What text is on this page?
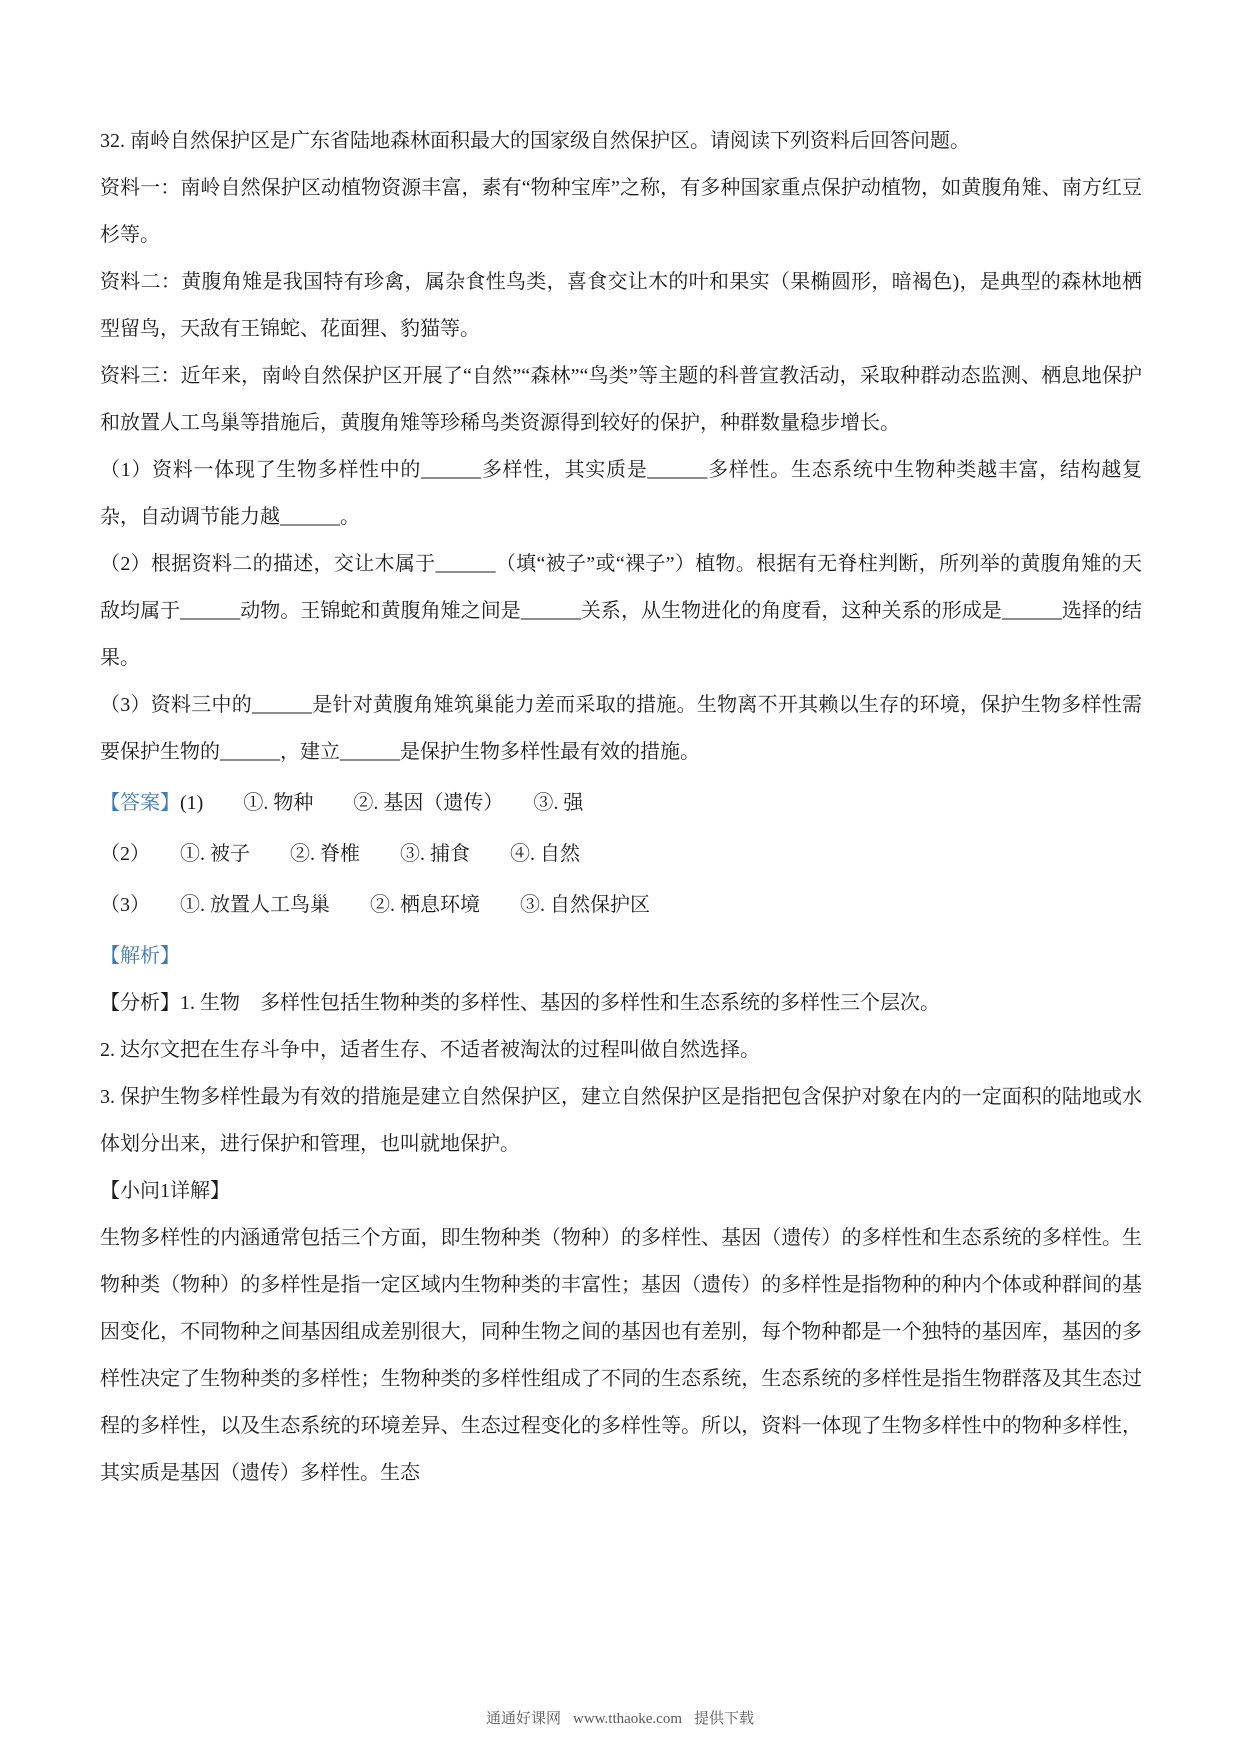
32. 南岭自然保护区是广东省陆地森林面积最大的国家级自然保护区。请阅读下列资料后回答问题。

资料一：南岭自然保护区动植物资源丰富，素有“物种宝库”之称，有多种国家重点保护动植物，如黄腹角雉、南方红豆杉等。

资料二：黄腹角雉是我国特有珍禽，属杂食性鸟类，喜食交让木的叶和果实（果椭圆形，暗褐色)，是典型的森林地栖型留鸟，天敌有王锦蛇、花面狸、豹猫等。

资料三：近年来，南岭自然保护区开展了“自然”“森林”“鸟类”等主题的科普宣教活动，采取种群动态监测、栖息地保护和放置人工鸟巢等措施后，黄腹角雉等珍稀鸟类资源得到较好的保护，种群数量稳步增长。

（1）资料一体现了生物多样性中的______多样性，其实质是______多样性。生态系统中生物种类越丰富，结构越复杂，自动调节能力越______。

（2）根据资料二的描述，交让木属于______（填“被子”或“裸子”）植物。根据有无脊柱判断，所列举的黄腹角雉的天敌均属于______动物。王锦蛇和黄腹角雉之间是______关系，从生物进化的角度看，这种关系的形成是______选择的结果。

（3）资料三中的______是针对黄腹角雉筑巢能力差而采取的措施。生物离不开其赖以生存的环境，保护生物多样性需要保护生物的______，建立______是保护生物多样性最有效的措施。

【答案】(1)　　①. 物种　　②. 基因（遗传）　　③. 强

（2）　　①. 被子　　②. 脊椎　　③. 捕食　　④. 自然

（3）　　①. 放置人工鸟巢　　②. 栖息环境　　③. 自然保护区

【解析】

【分析】1. 生物　多样性包括生物种类的多样性、基因的多样性和生态系统的多样性三个层次。

2. 达尔文把在生存斗争中，适者生存、不适者被淘汰的过程叫做自然选择。

3. 保护生物多样性最为有效的措施是建立自然保护区，建立自然保护区是指把包含保护对象在内的一定面积的陆地或水体划分出来，进行保护和管理，也叫就地保护。

【小问1详解】

生物多样性的内涵通常包括三个方面，即生物种类（物种）的多样性、基因（遗传）的多样性和生态系统的多样性。生物种类（物种）的多样性是指一定区域内生物种类的丰富性；基因（遗传）的多样性是指物种的种内个体或种群间的基因变化，不同物种之间基因组成差别很大，同种生物之间的基因也有差别，每个物种都是一个独特的基因库，基因的多样性决定了生物种类的多样性；生物种类的多样性组成了不同的生态系统，生态系统的多样性是指生物群落及其生态过程的多样性，以及生态系统的环境差异、生态过程变化的多样性等。所以，资料一体现了生物多样性中的物种多样性，其实质是基因（遗传）多样性。生态

通通好课网 www.tthaoke.com 提供下载
